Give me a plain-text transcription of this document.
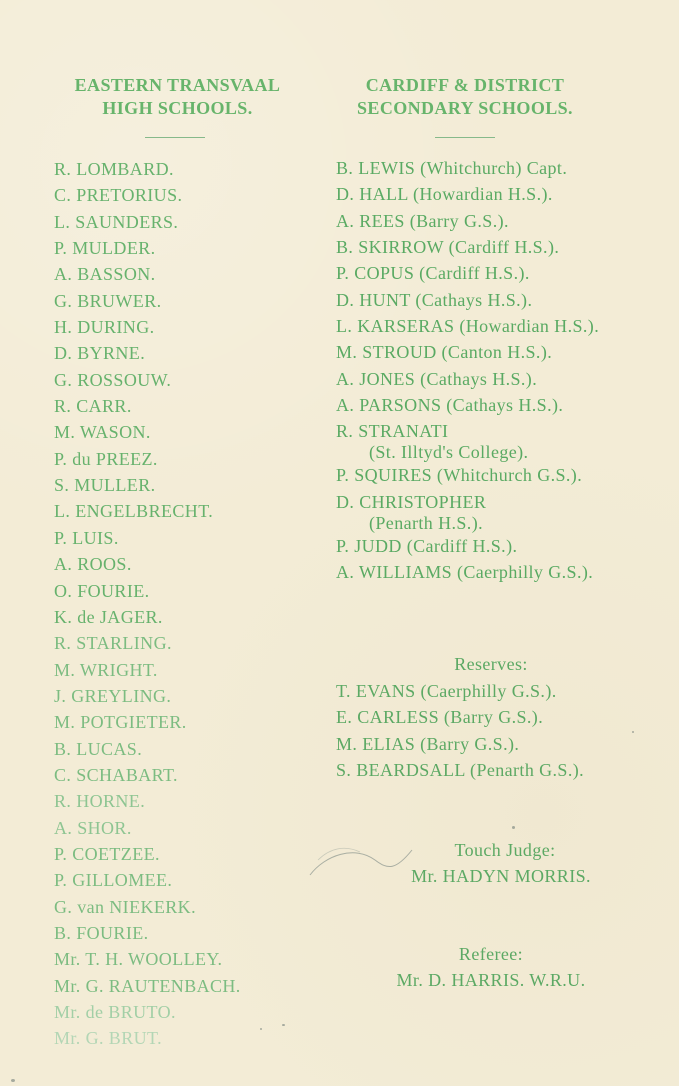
EASTERN TRANSVAAL
HIGH SCHOOLS.
CARDIFF & DISTRICT
SECONDARY SCHOOLS.
R. LOMBARD.
C. PRETORIUS.
L. SAUNDERS.
P. MULDER.
A. BASSON.
G. BRUWER.
H. DURING.
D. BYRNE.
G. ROSSOUW.
R. CARR.
M. WASON.
P. du PREEZ.
S. MULLER.
L. ENGELBRECHT.
P. LUIS.
A. ROOS.
O. FOURIE.
K. de JAGER.
R. STARLING.
M. WRIGHT.
J. GREYLING.
M. POTGIETER.
B. LUCAS.
C. SCHABART.
R. HORNE.
A. SHOR.
P. COETZEE.
P. GILLOMEE.
G. van NIEKERK.
B. FOURIE.
Mr. T. H. WOOLLEY.
Mr. G. RAUTENBACH.
Mr. de BRUTO.
Mr. G. BRUT.
B. LEWIS (Whitchurch) Capt.
D. HALL (Howardian H.S.).
A. REES (Barry G.S.).
B. SKIRROW (Cardiff H.S.).
P. COPUS (Cardiff H.S.).
D. HUNT (Cathays H.S.).
L. KARSERAS (Howardian H.S.).
M. STROUD (Canton H.S.).
A. JONES (Cathays H.S.).
A. PARSONS (Cathays H.S.).
R. STRANATI
(St. Illtyd's College).
P. SQUIRES (Whitchurch G.S.).
D. CHRISTOPHER
(Penarth H.S.).
P. JUDD (Cardiff H.S.).
A. WILLIAMS (Caerphilly G.S.).
Reserves:
T. EVANS (Caerphilly G.S.).
E. CARLESS (Barry G.S.).
M. ELIAS (Barry G.S.).
S. BEARDSALL (Penarth G.S.).
Touch Judge:
Mr. HADYN MORRIS.
Referee:
Mr. D. HARRIS. W.R.U.
